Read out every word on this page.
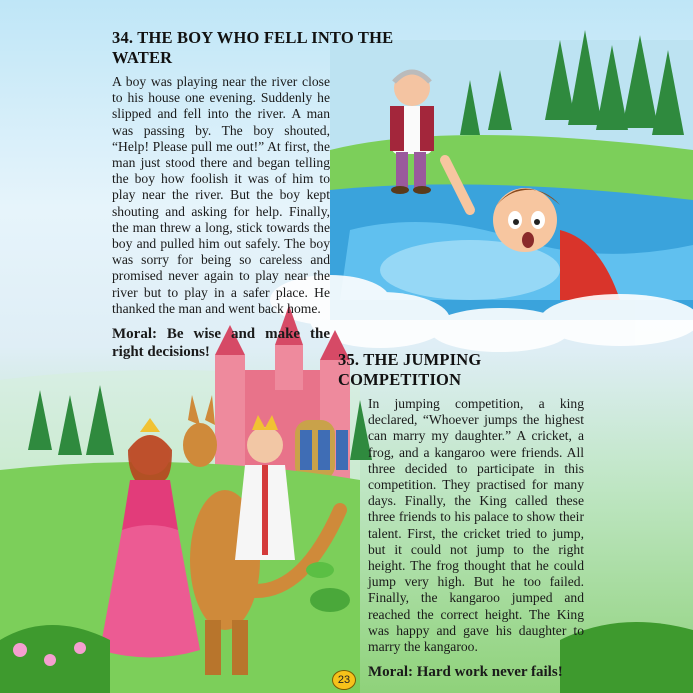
34. THE BOY WHO FELL INTO THE WATER

A boy was playing near the river close to his house one evening. Suddenly he slipped and fell into the river. A man was passing by. The boy shouted, “Help! Please pull me out!” At first, the man just stood there and began telling the boy how foolish it was of him to play near the river. But the boy kept shouting and asking for help. Finally, the man threw a long, stick towards the boy and pulled him out safely. The boy was sorry for being so careless and promised never again to play near the river but to play in a safer place. He thanked the man and went back home.

Moral: Be wise and make the right decisions!	35. THE JUMPING COMPETITION

In jumping competition, a king declared, “Whoever jumps the highest can marry my daughter.” A cricket, a frog, and a kangaroo were friends. All three decided to participate in this competition. They practised for many days. Finally, the King called these three friends to his palace to show their talent. First, the cricket tried to jump, but it could not jump to the right height. The frog thought that he could jump very high. But he too failed. Finally, the kangaroo jumped and reached the correct height. The King was happy and gave his daughter to marry the kangaroo.

Moral: Hard work never fails!

23
